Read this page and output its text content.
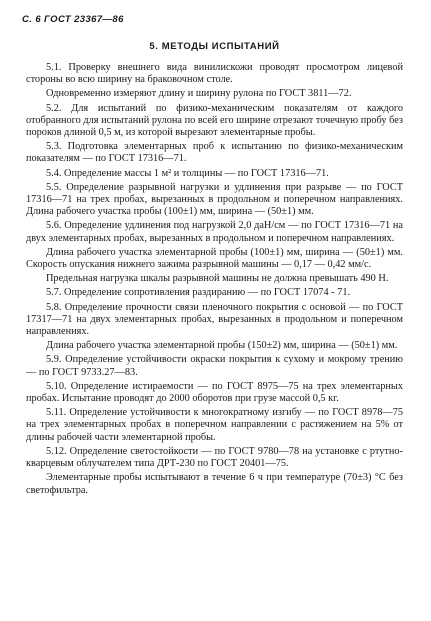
С. 6 ГОСТ 23367—86
5. МЕТОДЫ ИСПЫТАНИЙ

5.1. Проверку внешнего вида винилискожи проводят просмотром лицевой стороны во всю ширину на браковочном столе.

Одновременно измеряют длину и ширину рулона по ГОСТ 3811—72.

5.2. Для испытаний по физико-механическим показателям от каждого отобранного для испытаний рулона по всей его ширине отрезают точечную пробу без пороков длиной 0,5 м, из которой вырезают элементарные пробы.

5.3. Подготовка элементарных проб к испытанию по физико-механическим показателям — по ГОСТ 17316—71.

5.4. Определение массы 1 м² и толщины — по ГОСТ 17316—71.

5.5. Определение разрывной нагрузки и удлинения при разрыве — по ГОСТ 17316—71 на трех пробах, вырезанных в продольном и поперечном направлениях. Длина рабочего участка пробы (100±1) мм, ширина — (50±1) мм.

5.6. Определение удлинения под нагрузкой 2,0 даН/см — по ГОСТ 17316—71 на двух элементарных пробах, вырезанных в продольном и поперечном направлениях.

Длина рабочего участка элементарной пробы (100±1) мм, ширина — (50±1) мм. Скорость опускания нижнего зажима разрывной машины — 0,17 — 0,42 мм/с.

Предельная нагрузка шкалы разрывной машины не должна превышать 490 Н.

5.7. Определение сопротивления раздиранию — по ГОСТ 17074 - 71.

5.8. Определение прочности связи пленочного покрытия с основой — по ГОСТ 17317—71 на двух элементарных пробах, вырезанных в продольном и поперечном направлениях.

Длина рабочего участка элементарной пробы (150±2) мм, ширина — (50±1) мм.

5.9. Определение устойчивости окраски покрытия к сухому и мокрому трению — по ГОСТ 9733.27—83.

5.10. Определение истираемости — по ГОСТ 8975—75 на трех элементарных пробах. Испытание проводят до 2000 оборотов при грузе массой 0,5 кг.

5.11. Определение устойчивости к многократному изгибу — по ГОСТ 8978—75 на трех элементарных пробах в поперечном направлении с растяжением на 5% от длины рабочей части элементарной пробы.

5.12. Определение светостойкости — по ГОСТ 9780—78 на установке с ртутно-кварцевым облучателем типа ДРТ-230 по ГОСТ 20401—75.

Элементарные пробы испытывают в течение 6 ч при температуре (70±3) °С без светофильтра.
